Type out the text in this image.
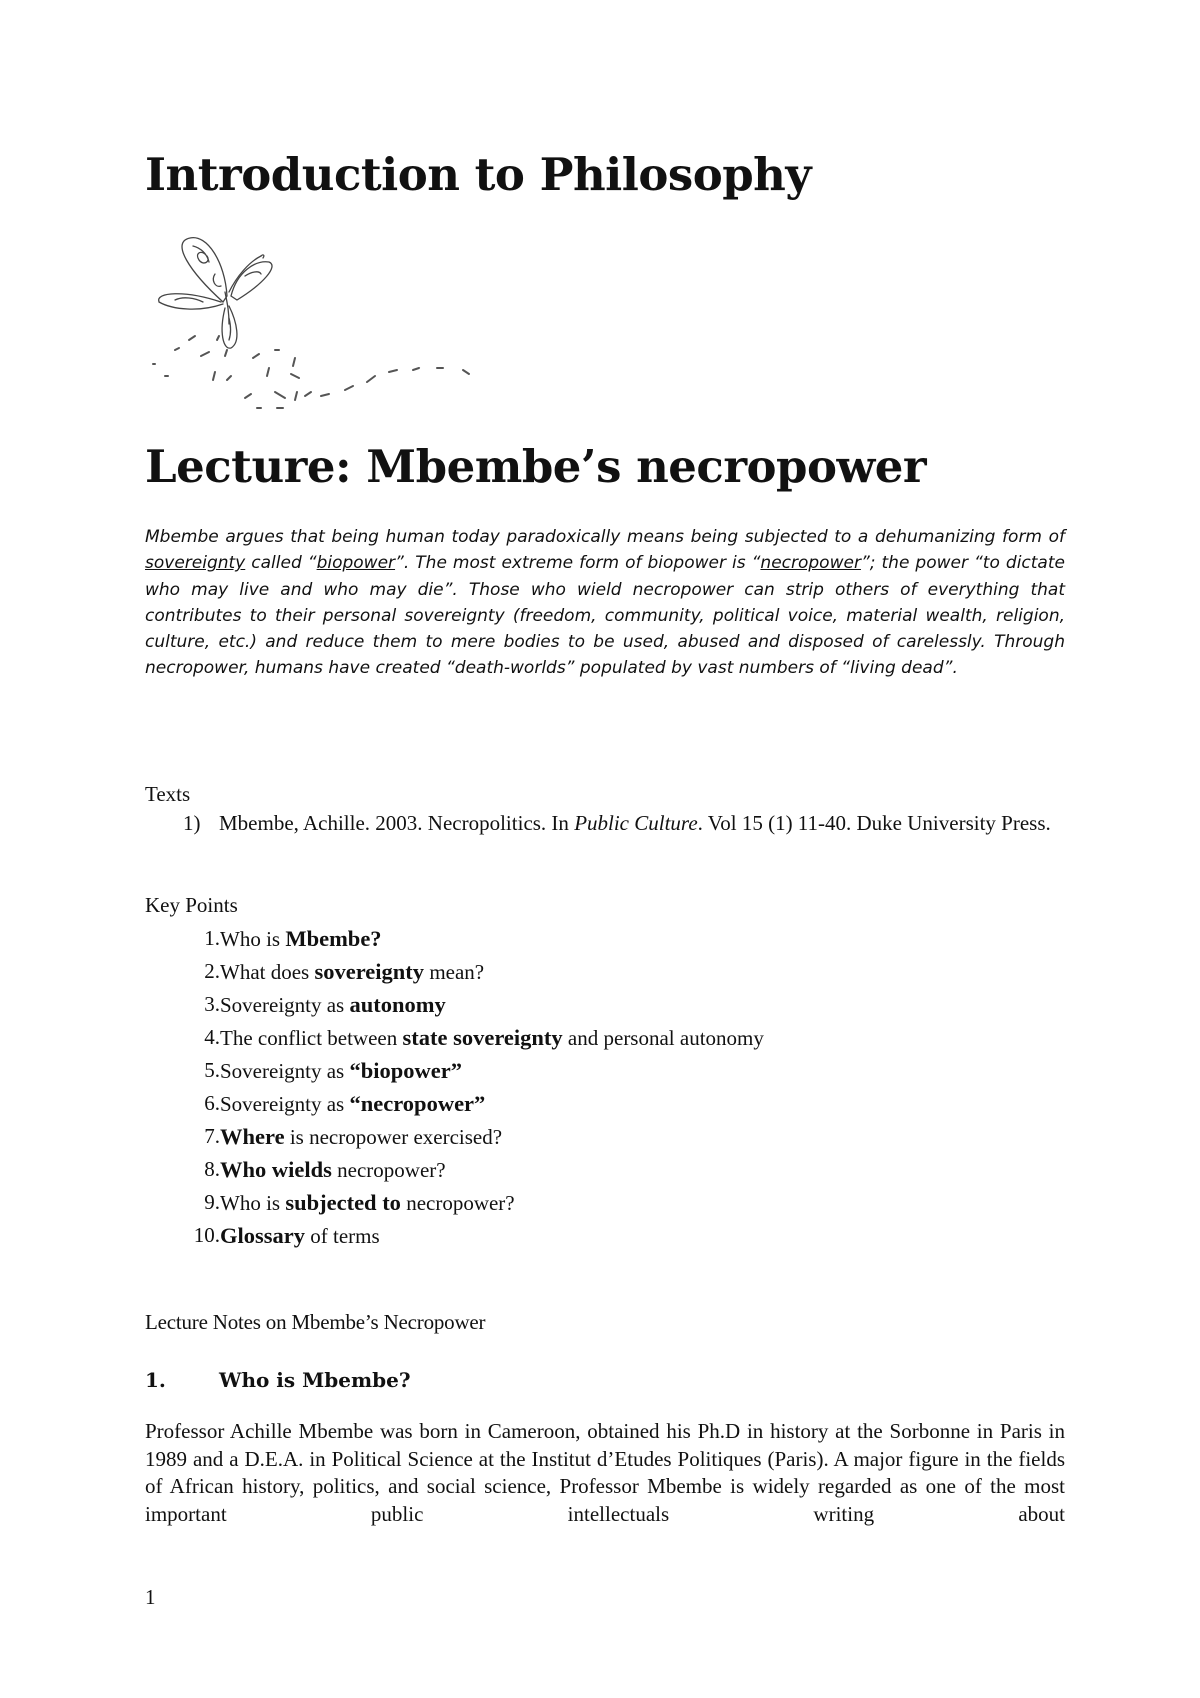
Introduction to Philosophy
Lecture: Mbembe’s necropower

Mbembe argues that being human today paradoxically means being subjected to a dehumanizing form of sovereignty called “biopower”. The most extreme form of biopower is “necropower”; the power “to dictate who may live and who may die”. Those who wield necropower can strip others of everything that contributes to their personal sovereignty (freedom, community, political voice, material wealth, religion, culture, etc.) and reduce them to mere bodies to be used, abused and disposed of carelessly. Through necropower, humans have created “death-worlds” populated by vast numbers of “living dead”.

Texts

1) Mbembe, Achille. 2003. Necropolitics. In Public Culture. Vol 15 (1) 11-40. Duke University Press.

Key Points

1. Who is Mbembe?
2. What does sovereignty mean?
3. Sovereignty as autonomy
4. The conflict between state sovereignty and personal autonomy
5. Sovereignty as “biopower”
6. Sovereignty as “necropower”
7. Where is necropower exercised?
8. Who wields necropower?
9. Who is subjected to necropower?
10. Glossary of terms

Lecture Notes on Mbembe’s Necropower

1.	Who is Mbembe?

Professor Achille Mbembe was born in Cameroon, obtained his Ph.D in history at the Sorbonne in Paris in 1989 and a D.E.A. in Political Science at the Institut d’Etudes Politiques (Paris). A major figure in the fields of African history, politics, and social science, Professor Mbembe is widely regarded as one of the most important public intellectuals writing about

1
